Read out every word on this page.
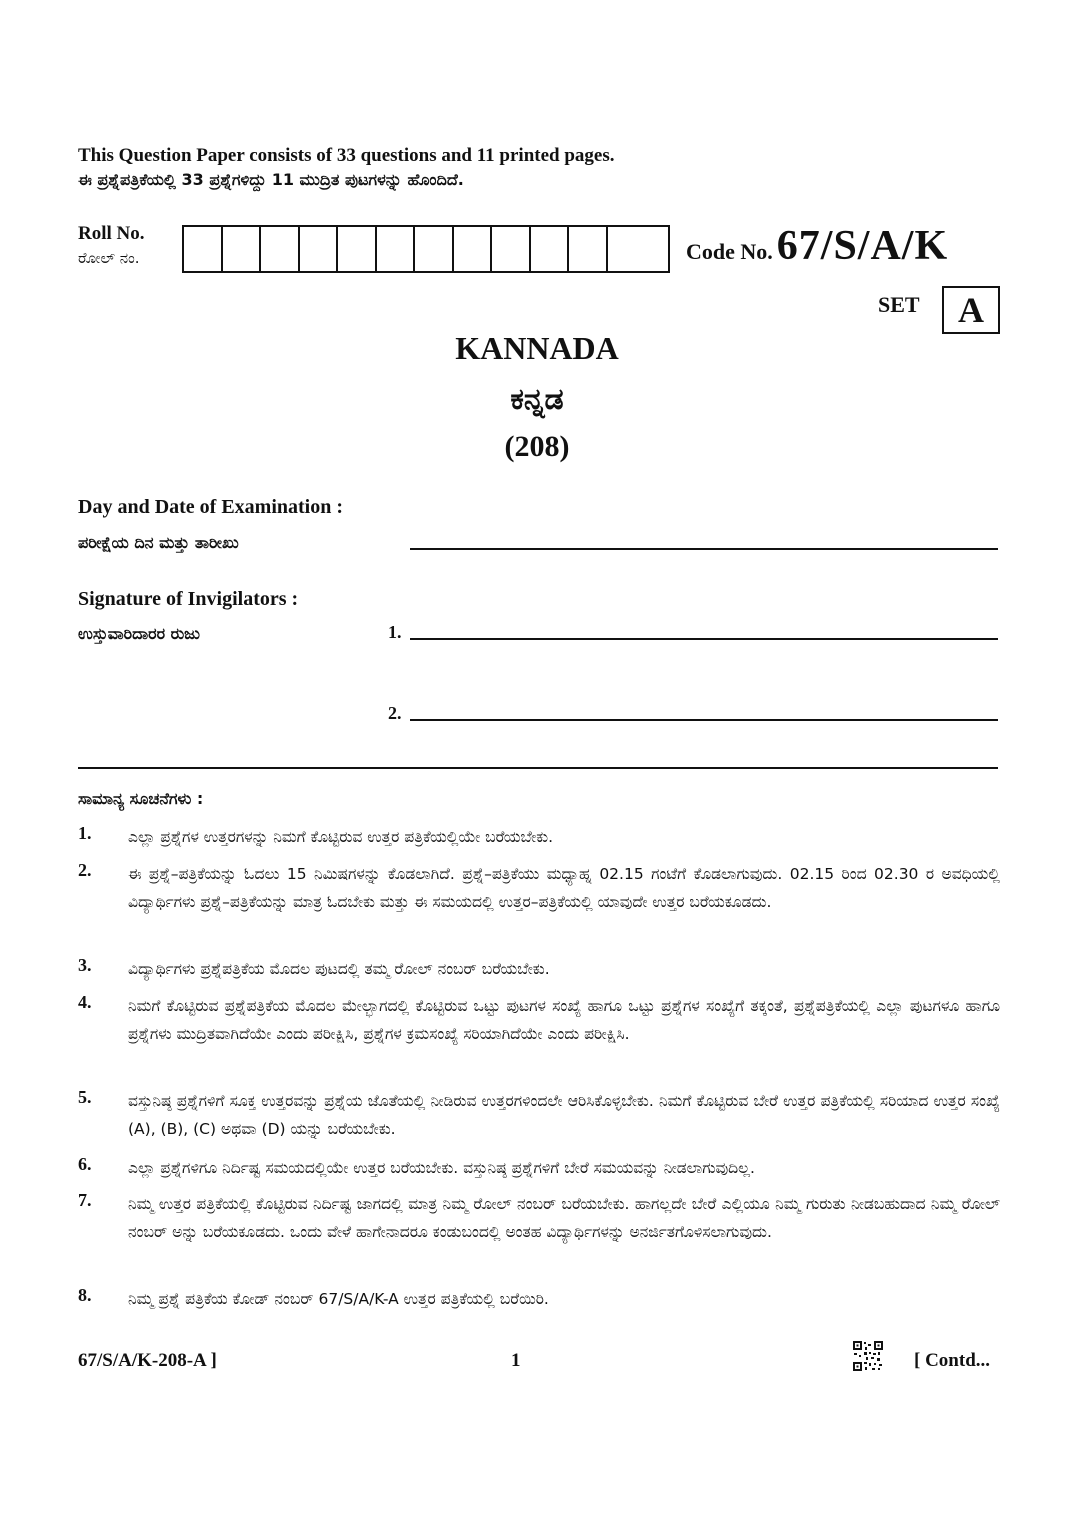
This Question Paper consists of 33 questions and 11 printed pages.
ಈ ಪ್ರಶ್ನೆಪತ್ರಿಕೆಯಲ್ಲಿ 33 ಪ್ರಶ್ನೆಗಳಿದ್ದು 11 ಮುದ್ರಿತ ಪುಟಗಳನ್ನು ಹೊಂದಿದೆ.
Roll No.
ರೋಲ್ ನಂ.	Code No. 67/S/A/K
SET	A
KANNADA
ಕನ್ನಡ
(208)
Day and Date of Examination :
ಪರೀಕ್ಷೆಯ ದಿನ ಮತ್ತು ತಾರೀಖು
Signature of Invigilators :
ಉಸ್ತುವಾರಿದಾರರ ರುಜು	1.
2.
ಸಾಮಾನ್ಯ ಸೂಚನೆಗಳು :
1. ಎಲ್ಲಾ ಪ್ರಶ್ನೆಗಳ ಉತ್ತರಗಳನ್ನು ನಿಮಗೆ ಕೊಟ್ಟಿರುವ ಉತ್ತರ ಪತ್ರಿಕೆಯಲ್ಲಿಯೇ ಬರೆಯಬೇಕು.
2. ಈ ಪ್ರಶ್ನೆ–ಪತ್ರಿಕೆಯನ್ನು ಓದಲು 15 ನಿಮಿಷಗಳನ್ನು ಕೊಡಲಾಗಿದೆ. ಪ್ರಶ್ನೆ–ಪತ್ರಿಕೆಯು ಮಧ್ಯಾಹ್ನ 02.15 ಗಂಟೆಗೆ ಕೊಡಲಾಗುವುದು. 02.15 ರಿಂದ 02.30 ರ ಅವಧಿಯಲ್ಲಿ ವಿದ್ಯಾರ್ಥಿಗಳು ಪ್ರಶ್ನೆ–ಪತ್ರಿಕೆಯನ್ನು ಮಾತ್ರ ಓದಬೇಕು ಮತ್ತು ಈ ಸಮಯದಲ್ಲಿ ಉತ್ತರ–ಪತ್ರಿಕೆಯಲ್ಲಿ ಯಾವುದೇ ಉತ್ತರ ಬರೆಯಕೂಡದು.
3. ವಿದ್ಯಾರ್ಥಿಗಳು ಪ್ರಶ್ನೆಪತ್ರಿಕೆಯ ಮೊದಲ ಪುಟದಲ್ಲಿ ತಮ್ಮ ರೋಲ್ ನಂಬರ್ ಬರೆಯಬೇಕು.
4. ನಿಮಗೆ ಕೊಟ್ಟಿರುವ ಪ್ರಶ್ನೆಪತ್ರಿಕೆಯ ಮೊದಲ ಮೇಲ್ಭಾಗದಲ್ಲಿ ಕೊಟ್ಟಿರುವ ಒಟ್ಟು ಪುಟಗಳ ಸಂಖ್ಯೆ ಹಾಗೂ ಒಟ್ಟು ಪ್ರಶ್ನೆಗಳ ಸಂಖ್ಯೆಗೆ ತಕ್ಕಂತೆ, ಪ್ರಶ್ನೆಪತ್ರಿಕೆಯಲ್ಲಿ ಎಲ್ಲಾ ಪುಟಗಳೂ ಹಾಗೂ ಪ್ರಶ್ನೆಗಳು ಮುದ್ರಿತವಾಗಿದೆಯೇ ಎಂದು ಪರೀಕ್ಷಿಸಿ, ಪ್ರಶ್ನೆಗಳ ಕ್ರಮಸಂಖ್ಯೆ ಸರಿಯಾಗಿದೆಯೇ ಎಂದು ಪರೀಕ್ಷಿಸಿ.
5. ವಸ್ತುನಿಷ್ಠ ಪ್ರಶ್ನೆಗಳಿಗೆ ಸೂಕ್ತ ಉತ್ತರವನ್ನು ಪ್ರಶ್ನೆಯ ಜೊತೆಯಲ್ಲಿ ನೀಡಿರುವ ಉತ್ತರಗಳಿಂದಲೇ ಆರಿಸಿಕೊಳ್ಳಬೇಕು. ನಿಮಗೆ ಕೊಟ್ಟಿರುವ ಬೇರೆ ಉತ್ತರ ಪತ್ರಿಕೆಯಲ್ಲಿ ಸರಿಯಾದ ಉತ್ತರ ಸಂಖ್ಯೆ (A), (B), (C) ಅಥವಾ (D) ಯನ್ನು ಬರೆಯಬೇಕು.
6. ಎಲ್ಲಾ ಪ್ರಶ್ನೆಗಳಿಗೂ ನಿರ್ದಿಷ್ಟ ಸಮಯದಲ್ಲಿಯೇ ಉತ್ತರ ಬರೆಯಬೇಕು. ವಸ್ತುನಿಷ್ಠ ಪ್ರಶ್ನೆಗಳಿಗೆ ಬೇರೆ ಸಮಯವನ್ನು ನೀಡಲಾಗುವುದಿಲ್ಲ.
7. ನಿಮ್ಮ ಉತ್ತರ ಪತ್ರಿಕೆಯಲ್ಲಿ ಕೊಟ್ಟಿರುವ ನಿರ್ದಿಷ್ಟ ಜಾಗದಲ್ಲಿ ಮಾತ್ರ ನಿಮ್ಮ ರೋಲ್ ನಂಬರ್ ಬರೆಯಬೇಕು. ಹಾಗಲ್ಲದೇ ಬೇರೆ ಎಲ್ಲಿಯೂ ನಿಮ್ಮ ಗುರುತು ನೀಡಬಹುದಾದ ನಿಮ್ಮ ರೋಲ್ ನಂಬರ್ ಅನ್ನು ಬರೆಯಕೂಡದು. ಒಂದು ವೇಳೆ ಹಾಗೇನಾದರೂ ಕಂಡುಬಂದಲ್ಲಿ ಅಂತಹ ವಿದ್ಯಾರ್ಥಿಗಳನ್ನು ಅನರ್ಜಿತಗೊಳಿಸಲಾಗುವುದು.
8. ನಿಮ್ಮ ಪ್ರಶ್ನೆ ಪತ್ರಿಕೆಯ ಕೋಡ್ ನಂಬರ್ 67/S/A/K-A ಉತ್ತರ ಪತ್ರಿಕೆಯಲ್ಲಿ ಬರೆಯಿರಿ.
67/S/A/K-208-A ]	1	[ Contd...
